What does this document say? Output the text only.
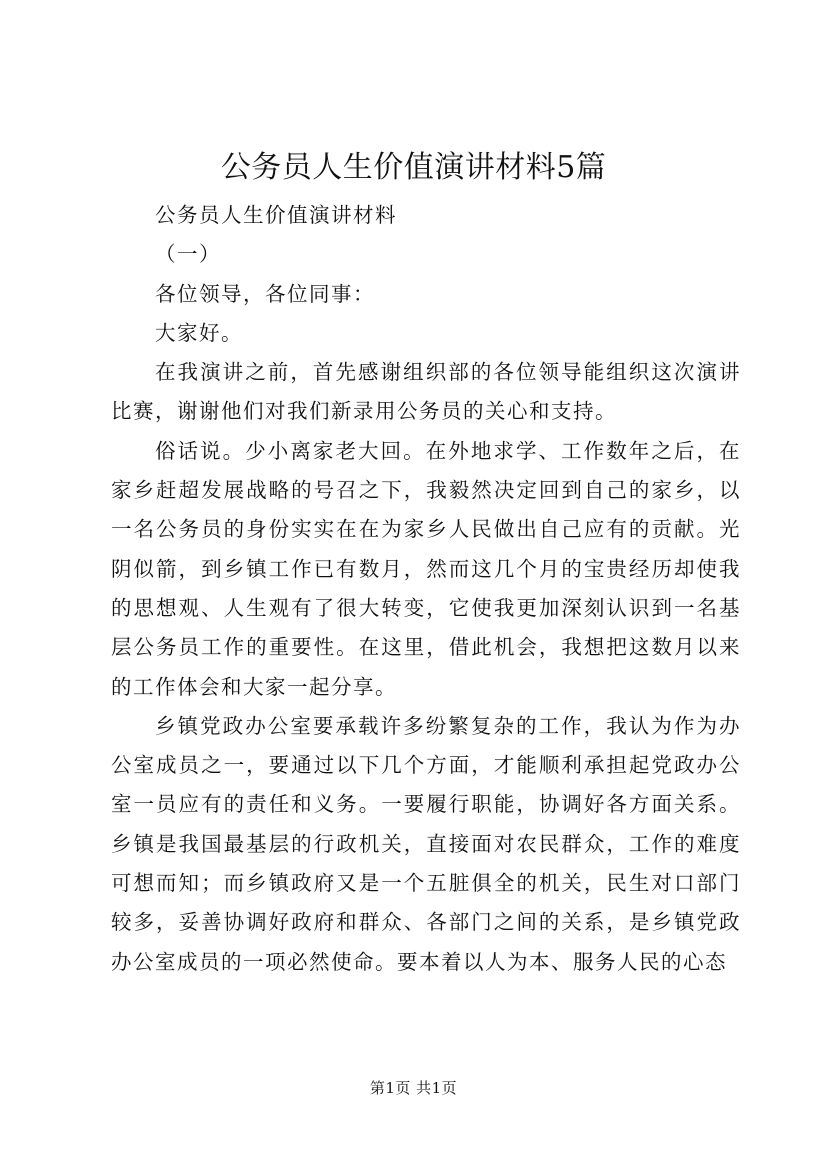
公务员人生价值演讲材料5篇

公务员人生价值演讲材料

（一）

各位领导，各位同事：

大家好。

在我演讲之前，首先感谢组织部的各位领导能组织这次演讲比赛，谢谢他们对我们新录用公务员的关心和支持。

俗话说。少小离家老大回。在外地求学、工作数年之后，在家乡赶超发展战略的号召之下，我毅然决定回到自己的家乡，以一名公务员的身份实实在在为家乡人民做出自己应有的贡献。光阴似箭，到乡镇工作已有数月，然而这几个月的宝贵经历却使我的思想观、人生观有了很大转变，它使我更加深刻认识到一名基层公务员工作的重要性。在这里，借此机会，我想把这数月以来的工作体会和大家一起分享。

乡镇党政办公室要承载许多纷繁复杂的工作，我认为作为办公室成员之一，要通过以下几个方面，才能顺利承担起党政办公室一员应有的责任和义务。一要履行职能，协调好各方面关系。乡镇是我国最基层的行政机关，直接面对农民群众，工作的难度可想而知；而乡镇政府又是一个五脏俱全的机关，民生对口部门较多，妥善协调好政府和群众、各部门之间的关系，是乡镇党政办公室成员的一项必然使命。要本着以人为本、服务人民的心态

第1页 共1页
